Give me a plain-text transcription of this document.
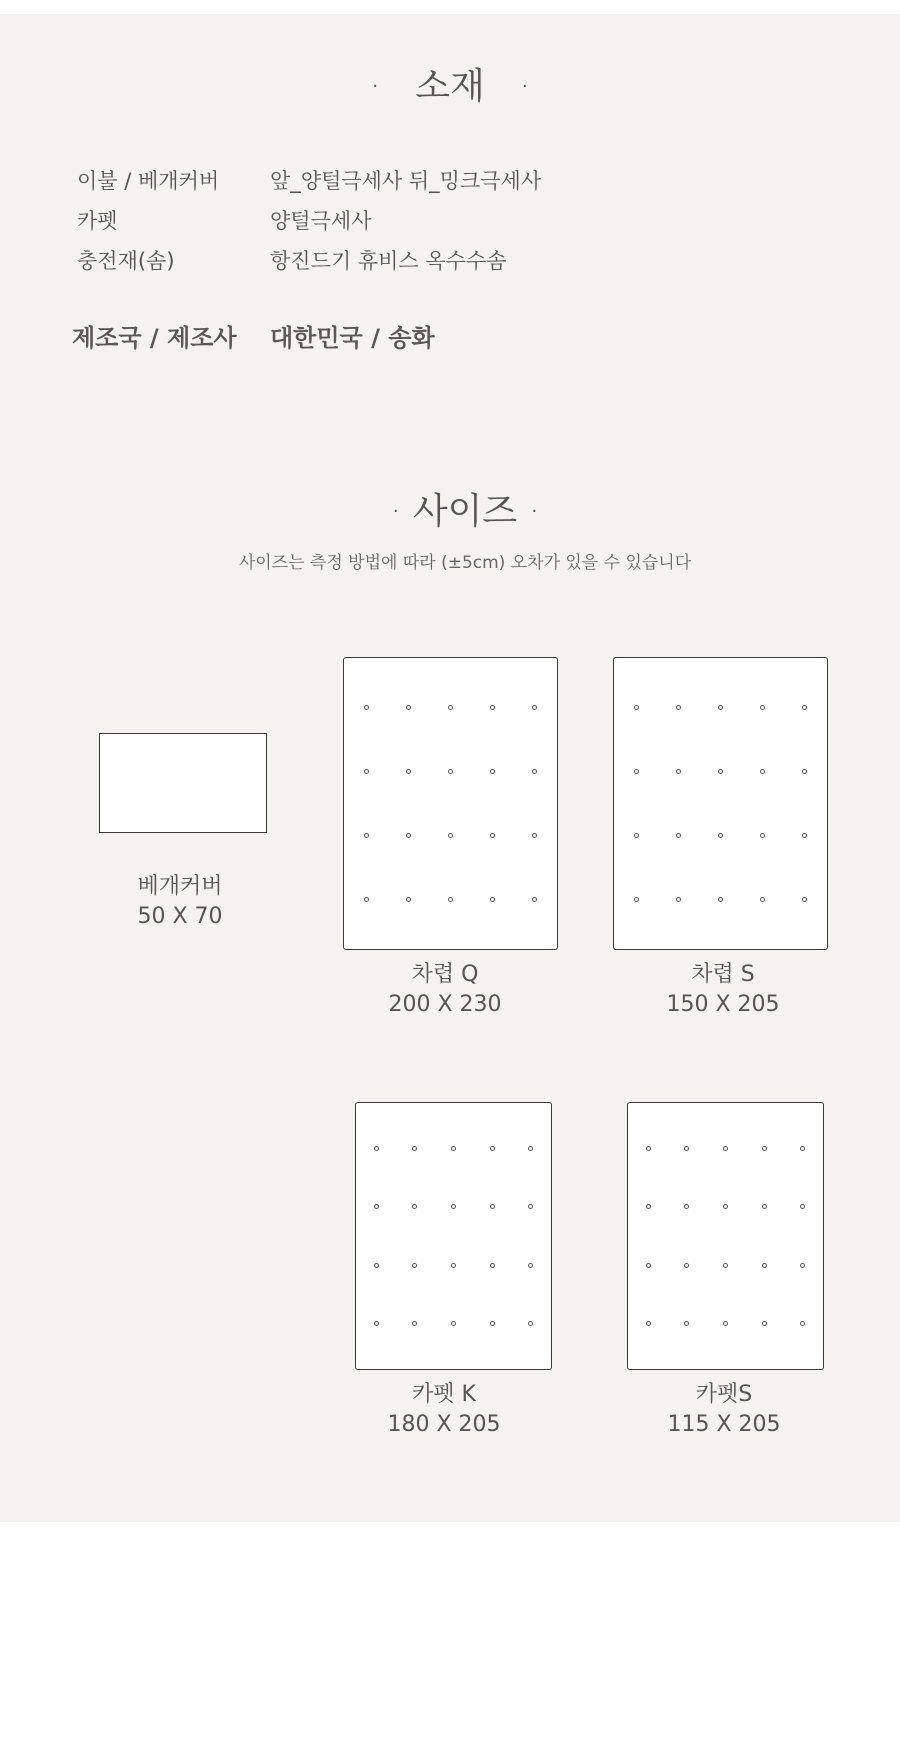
·   소재   ·
이불 / 베개커버 앞_양털극세사 뒤_밍크극세사
카펫	양털극세사
충전재(솜)	항진드기 휴비스 옥수수솜
제조국 / 제조사 대한민국 / 송화
· 사이즈 ·
사이즈는 측정 방법에 따라 (±5cm) 오차가 있을 수 있습니다
베개커버
50 X 70
차렵 Q
200 X 230
차렵 S
150 X 205
카펫 K
180 X 205
카펫S
115 X 205
